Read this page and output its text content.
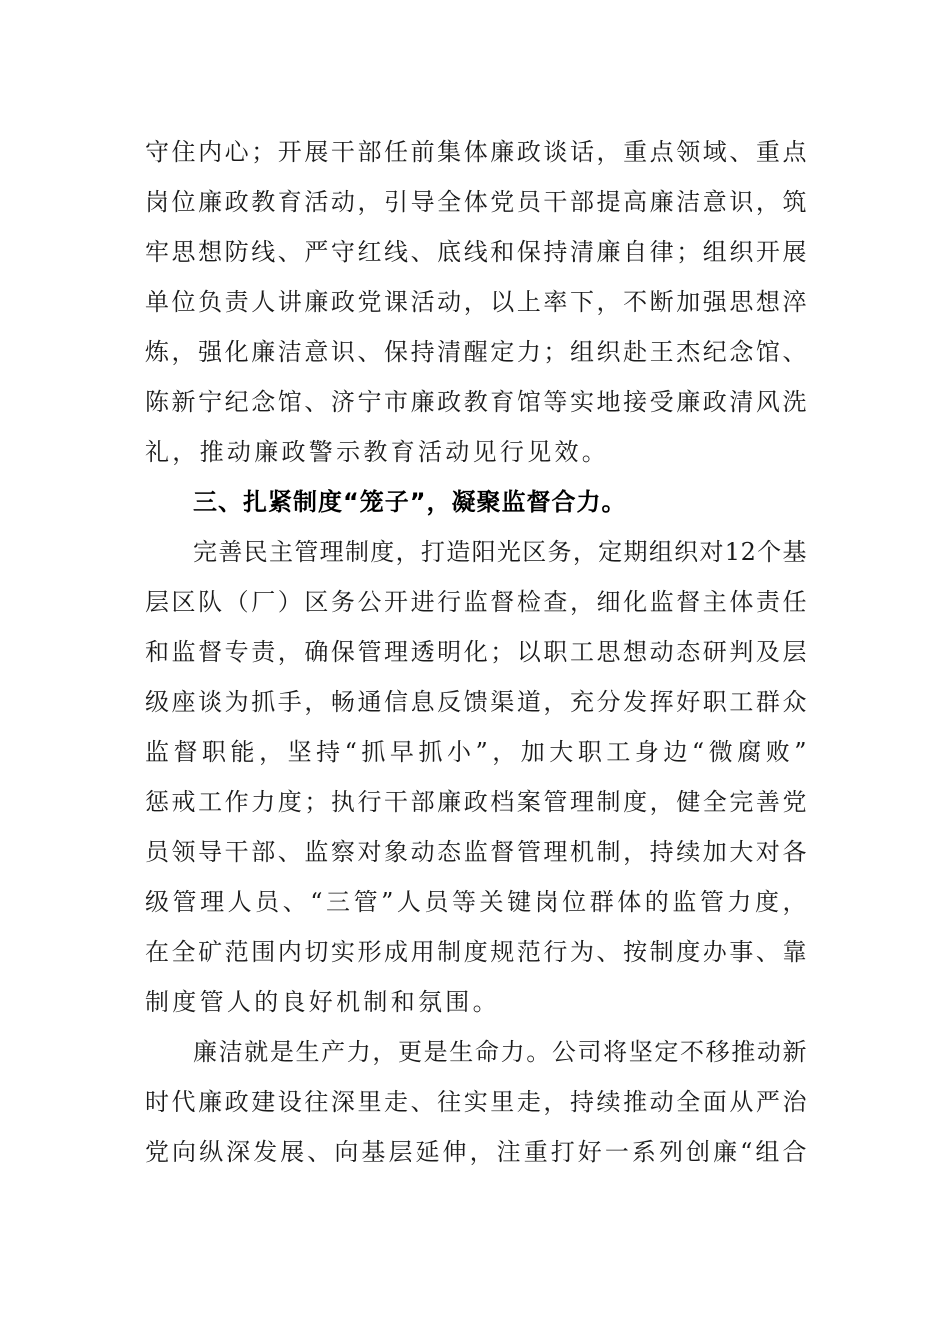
守住内心；开展干部任前集体廉政谈话，重点领域、重点
岗位廉政教育活动，引导全体党员干部提高廉洁意识，筑
牢思想防线、严守红线、底线和保持清廉自律；组织开展
单位负责人讲廉政党课活动，以上率下，不断加强思想淬
炼，强化廉洁意识、保持清醒定力；组织赴王杰纪念馆、
陈新宁纪念馆、济宁市廉政教育馆等实地接受廉政清风洗
礼，推动廉政警示教育活动见行见效。
三、扎紧制度“笼子”，凝聚监督合力。
完善民主管理制度，打造阳光区务，定期组织对12个基
层区队（厂）区务公开进行监督检查，细化监督主体责任
和监督专责，确保管理透明化；以职工思想动态研判及层
级座谈为抓手，畅通信息反馈渠道，充分发挥好职工群众
监督职能，坚持“抓早抓小”，加大职工身边“微腐败”
惩戒工作力度；执行干部廉政档案管理制度，健全完善党
员领导干部、监察对象动态监督管理机制，持续加大对各
级管理人员、“三管”人员等关键岗位群体的监管力度，
在全矿范围内切实形成用制度规范行为、按制度办事、靠
制度管人的良好机制和氛围。
廉洁就是生产力，更是生命力。公司将坚定不移推动新
时代廉政建设往深里走、往实里走，持续推动全面从严治
党向纵深发展、向基层延伸，注重打好一系列创廉“组合
